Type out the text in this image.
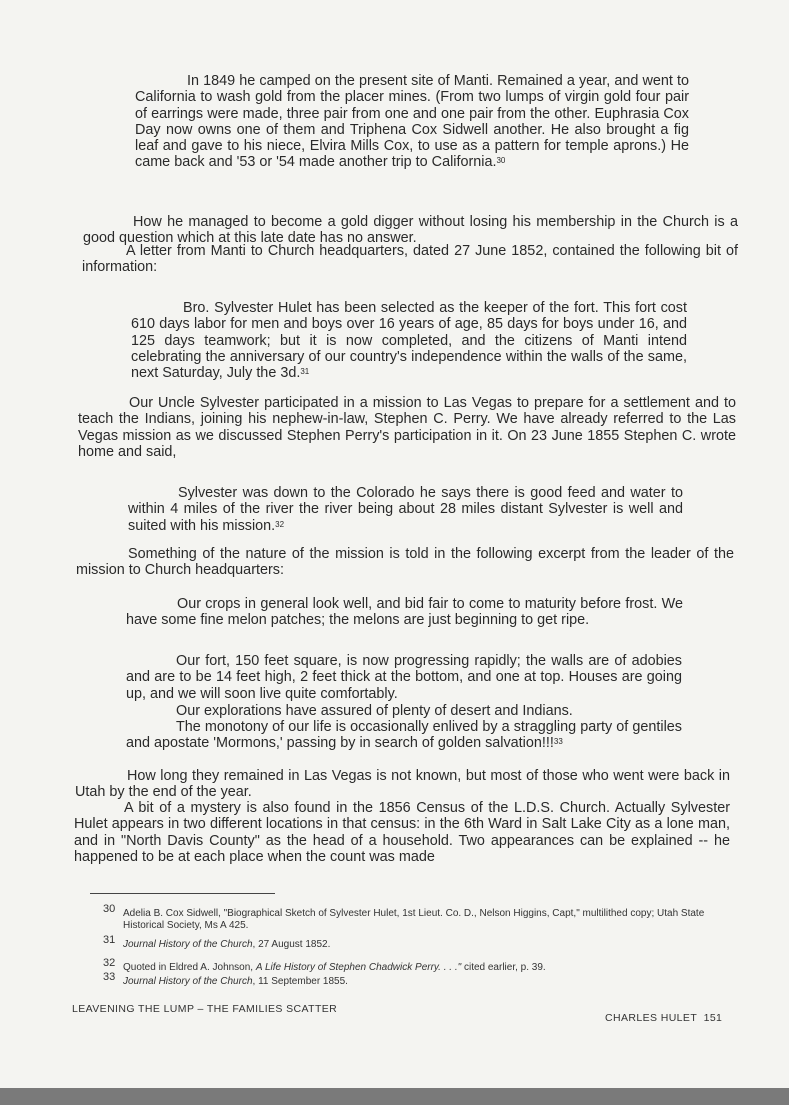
In 1849 he camped on the present site of Manti. Remained a year, and went to California to wash gold from the placer mines. (From two lumps of virgin gold four pair of earrings were made, three pair from one and one pair from the other. Euphrasia Cox Day now owns one of them and Triphena Cox Sidwell another. He also brought a fig leaf and gave to his niece, Elvira Mills Cox, to use as a pattern for temple aprons.) He came back and '53 or '54 made another trip to California.$^{30}$

How he managed to become a gold digger without losing his membership in the Church is a good question which at this late date has no answer.

A letter from Manti to Church headquarters, dated 27 June 1852, contained the following bit of information:

Bro. Sylvester Hulet has been selected as the keeper of the fort. This fort cost 610 days labor for men and boys over 16 years of age, 85 days for boys under 16, and 125 days teamwork; but it is now completed, and the citizens of Manti intend celebrating the anniversary of our country's independence within the walls of the same, next Saturday, July the 3d.$^{31}$

Our Uncle Sylvester participated in a mission to Las Vegas to prepare for a settlement and to teach the Indians, joining his nephew-in-law, Stephen C. Perry. We have already referred to the Las Vegas mission as we discussed Stephen Perry's participation in it. On 23 June 1855 Stephen C. wrote home and said,

Sylvester was down to the Colorado he says there is good feed and water to within 4 miles of the river the river being about 28 miles distant Sylvester is well and suited with his mission.$^{32}$

Something of the nature of the mission is told in the following excerpt from the leader of the mission to Church headquarters:

Our crops in general look well, and bid fair to come to maturity before frost. We have some fine melon patches; the melons are just beginning to get ripe.

Our fort, 150 feet square, is now progressing rapidly; the walls are of adobies and are to be 14 feet high, 2 feet thick at the bottom, and one at top. Houses are going up, and we will soon live quite comfortably.

Our explorations have assured of plenty of desert and Indians.

The monotony of our life is occasionally enlived by a straggling party of gentiles and apostate 'Mormons,' passing by in search of golden salvation!!!$^{33}$

How long they remained in Las Vegas is not known, but most of those who went were back in Utah by the end of the year.

A bit of a mystery is also found in the 1856 Census of the L.D.S. Church. Actually Sylvester Hulet appears in two different locations in that census: in the 6th Ward in Salt Lake City as a lone man, and in "North Davis County" as the head of a household. Two appearances can be explained -- he happened to be at each place when the count was made

30 Adelia B. Cox Sidwell, "Biographical Sketch of Sylvester Hulet, 1st Lieut. Co. D., Nelson Higgins, Capt," multilithed copy; Utah State Historical Society, Ms A 425.
31 Journal History of the Church, 27 August 1852.
32 Quoted in Eldred A. Johnson, A Life History of Stephen Chadwick Perry. . . ." cited earlier, p. 39.
33 Journal History of the Church, 11 September 1855.
LEAVENING THE LUMP – THE FAMILIES SCATTER
CHARLES HULET  151
